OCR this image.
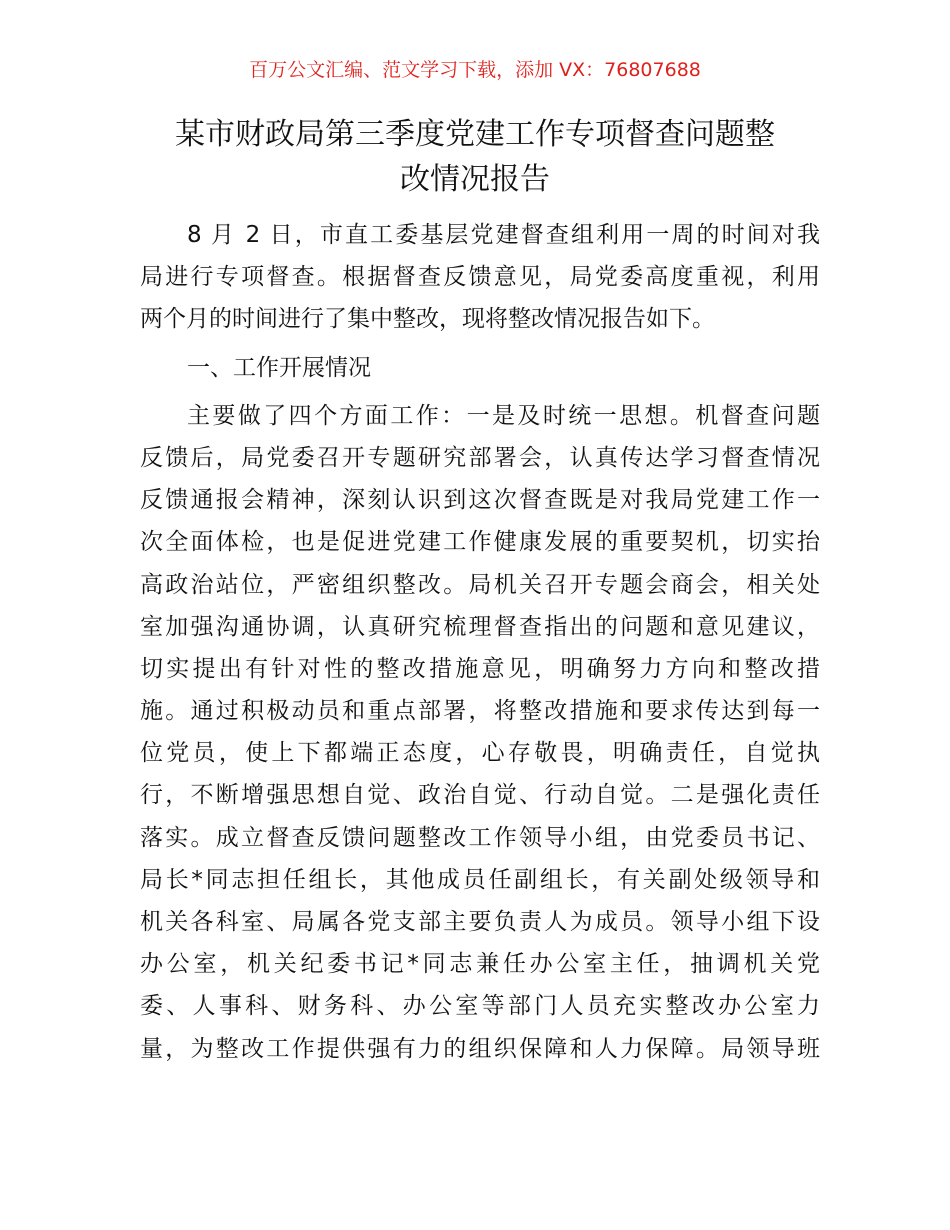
百万公文汇编、范文学习下载，添加 VX：76807688
某市财政局第三季度党建工作专项督查问题整
改情况报告
8 月 2 日，市直工委基层党建督查组利用一周的时间对我
局进行专项督查。根据督查反馈意见，局党委高度重视，利用
两个月的时间进行了集中整改，现将整改情况报告如下。
一、工作开展情况
主要做了四个方面工作：一是及时统一思想。机督查问题
反馈后，局党委召开专题研究部署会，认真传达学习督查情况
反馈通报会精神，深刻认识到这次督查既是对我局党建工作一
次全面体检，也是促进党建工作健康发展的重要契机，切实抬
高政治站位，严密组织整改。局机关召开专题会商会，相关处
室加强沟通协调，认真研究梳理督查指出的问题和意见建议，
切实提出有针对性的整改措施意见，明确努力方向和整改措
施。通过积极动员和重点部署，将整改措施和要求传达到每一
位党员，使上下都端正态度，心存敬畏，明确责任，自觉执
行，不断增强思想自觉、政治自觉、行动自觉。二是强化责任
落实。成立督查反馈问题整改工作领导小组，由党委员书记、
局长*同志担任组长，其他成员任副组长，有关副处级领导和
机关各科室、局属各党支部主要负责人为成员。领导小组下设
办公室，机关纪委书记*同志兼任办公室主任，抽调机关党
委、人事科、财务科、办公室等部门人员充实整改办公室力
量，为整改工作提供强有力的组织保障和人力保障。局领导班
